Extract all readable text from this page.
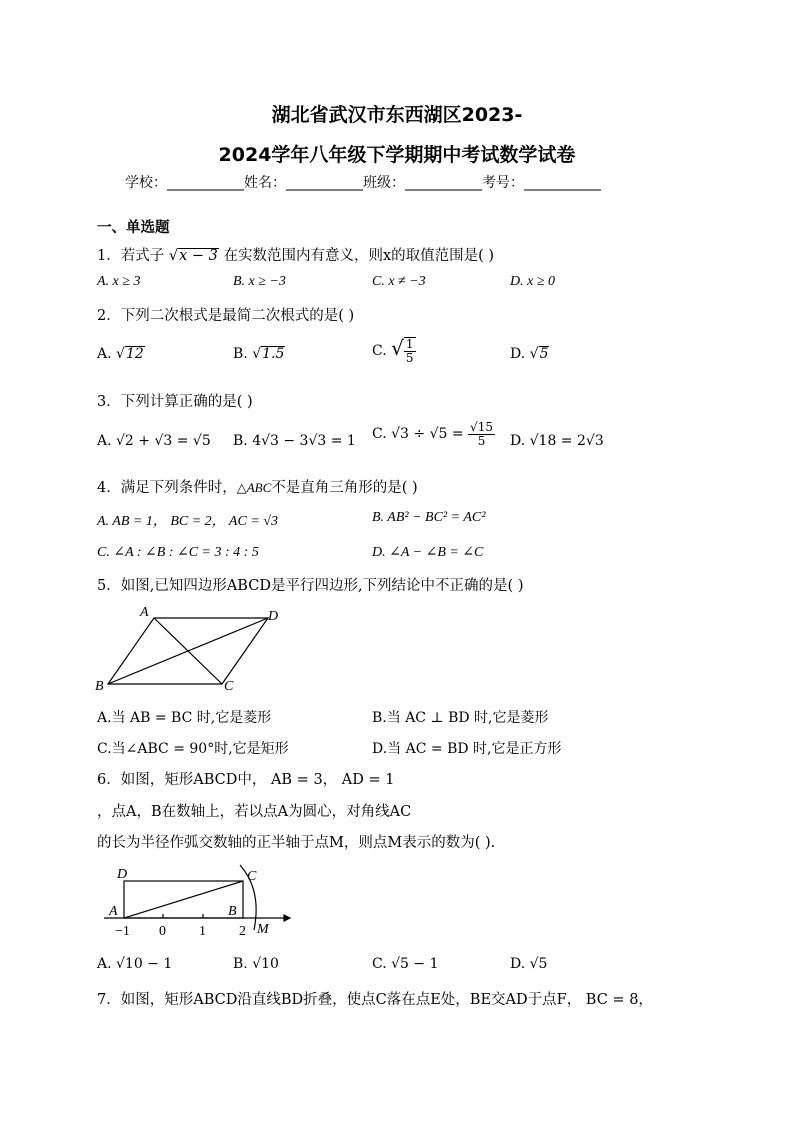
湖北省武汉市东西湖区2023-
2024学年八年级下学期期中考试数学试卷
学校：___________姓名：___________班级：___________考号：___________
一、单选题
1．若式子 √x − 3 在实数范围内有意义，则x的取值范围是( )
A. x ≥ 3	B. x ≥ −3	C. x ≠ −3	D. x ≥ 0
2．下列二次根式是最简二次根式的是( )
A. √12	B. √1.5	C. √ $\frac{1}{5}$	D. √5
3．下列计算正确的是( )
A. √2 + √3 = √5 B. 4√3 − 3√3 = 1 C. $√3 \div √5 = \frac{√15}{5} D$. √18 = 2√3
4．满足下列条件时，△ABC不是直角三角形的是( )
A. AB = 1， BC = 2， AC = √3	B. AB² − BC² = AC²
C. ∠A : ∠B : ∠C = 3 : 4 : 5	D. ∠A − ∠B = ∠C
5．如图,已知四边形ABCD是平行四边形,下列结论中不正确的是( )
A	D
B	C
A.当 AB = BC 时,它是菱形	B.当 AC ⊥ BD 时,它是菱形
C.当∠ABC = 90°时,它是矩形	D.当 AC = BD 时,它是正方形
6．如图，矩形ABCD中， AB = 3， AD = 1
，点A，B在数轴上，若以点A为圆心，对角线AC
的长为半径作弧交数轴的正半轴于点M，则点M表示的数为( ).
D	C
A	B
M
−1 0 1 2
A. √10 − 1	B. √10	C. √5 − 1	D. √5
7．如图，矩形ABCD沿直线BD折叠，使点C落在点E处，BE交AD于点F， BC = 8，
